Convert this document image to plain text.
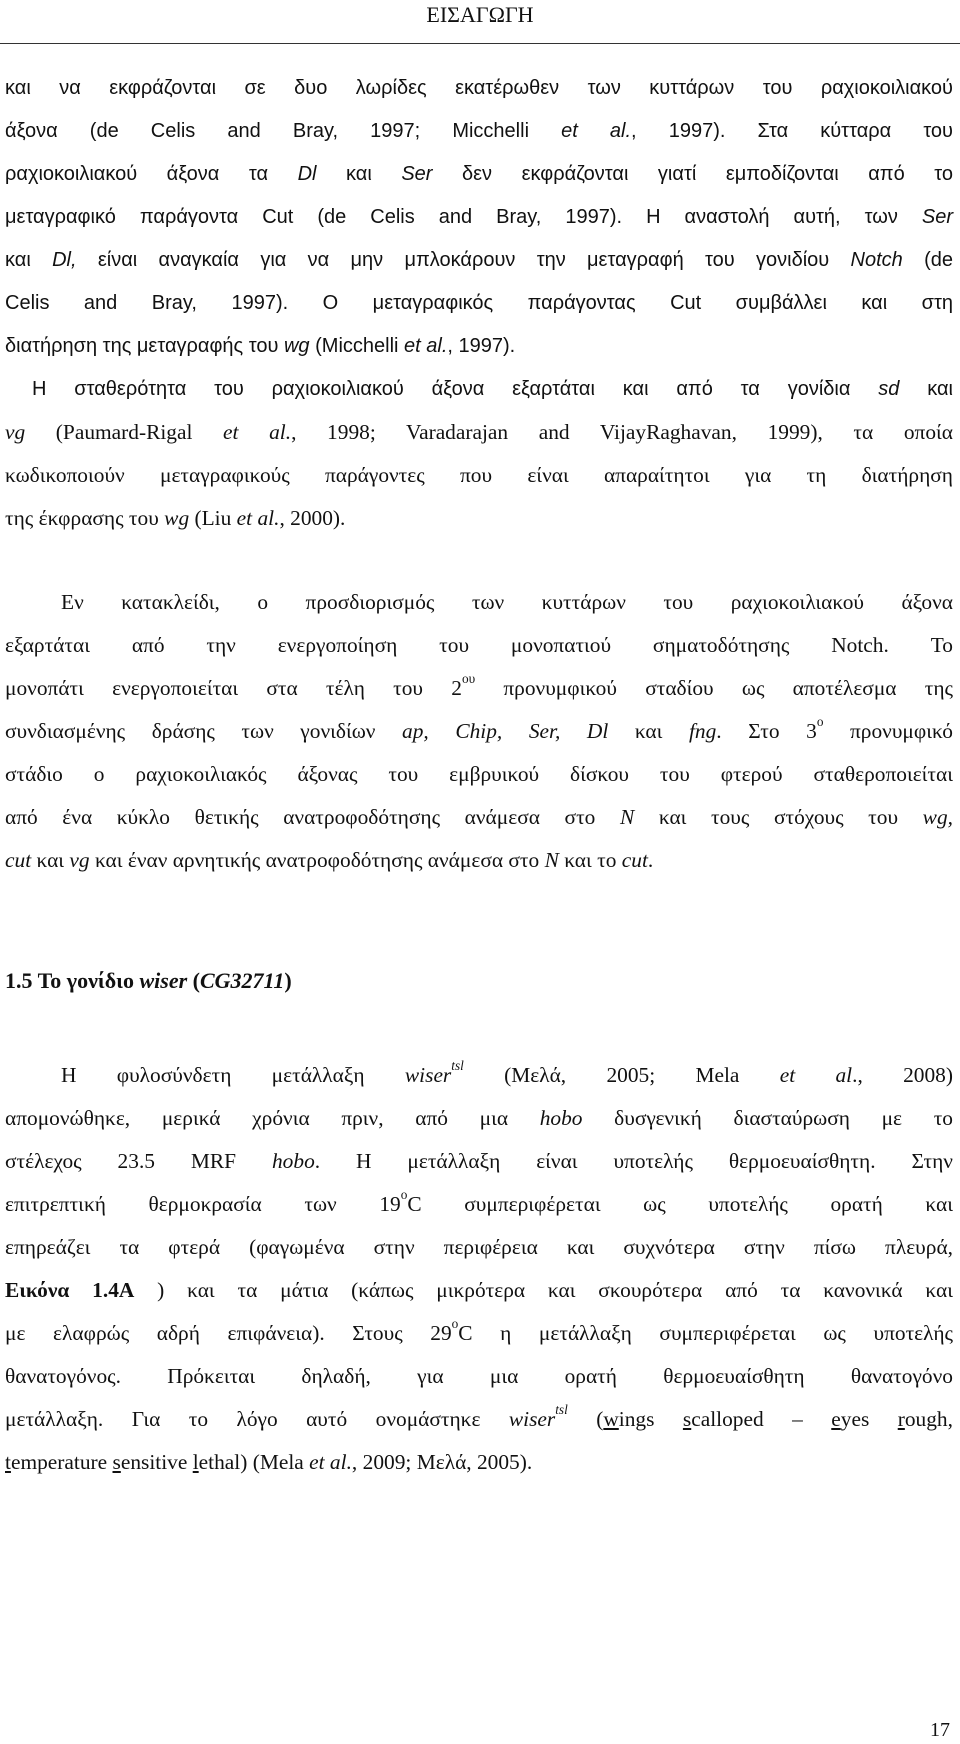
ΕΙΣΑΓΩΓΗ
και να εκφράζονται σε δυο λωρίδες εκατέρωθεν των κυττάρων του ραχιοκοιλιακού
άξονα (de Celis and Bray, 1997; Micchelli et al., 1997). Στα κύτταρα του
ραχιοκοιλιακού άξονα τα Dl και Ser δεν εκφράζονται γιατί εμποδίζονται από το
μεταγραφικό παράγοντα Cut (de Celis and Bray, 1997). Η αναστολή αυτή, των Ser
και Dl, είναι αναγκαία για να μην μπλοκάρουν την μεταγραφή του γονιδίου Notch (de
Celis and Bray, 1997). Ο μεταγραφικός παράγοντας Cut συμβάλλει και στη
διατήρηση της μεταγραφής του wg (Micchelli et al., 1997).
Η σταθερότητα του ραχιοκοιλιακού άξονα εξαρτάται και από τα γονίδια sd και
vg (Paumard-Rigal et al., 1998; Varadarajan and VijayRaghavan, 1999), τα οποία
κωδικοποιούν μεταγραφικούς παράγοντες που είναι απαραίτητοι για τη διατήρηση
της έκφρασης του wg (Liu et al., 2000).
Εν κατακλείδι, ο προσδιορισμός των κυττάρων του ραχιοκοιλιακού άξονα
εξαρτάται από την ενεργοποίηση του μονοπατιού σηματοδότησης Notch. Το
μονοπάτι ενεργοποιείται στα τέλη του $2^{o\upsilon}$ προνυμφικού σταδίου ως αποτέλεσμα της
συνδιασμένης δράσης των γονιδίων ap, Chip, Ser, Dl και fng. Στο $3^o$ προνυμφικό
στάδιο ο ραχιοκοιλιακός άξονας του εμβρυικού δίσκου του φτερού σταθεροποιείται
από ένα κύκλο θετικής ανατροφοδότησης ανάμεσα στο N και τους στόχους του wg,
cut και vg και έναν αρνητικής ανατροφοδότησης ανάμεσα στο N και το cut.
1.5 Το γονίδιο wiser (CG32711)
Η φυλοσύνδετη μετάλλαξη wiser$^{tsl}$ (Μελά, 2005; Mela et al., 2008)
απομονώθηκε, μερικά χρόνια πριν, από μια hobo δυσγενική διασταύρωση με το
στέλεχος 23.5 MRF hobo. Η μετάλλαξη είναι υποτελής θερμοευαίσθητη. Στην
επιτρεπτική θερμοκρασία των $19^oC$ συμπεριφέρεται ως υποτελής ορατή και
επηρεάζει τα φτερά (φαγωμένα στην περιφέρεια και συχνότερα στην πίσω πλευρά,
Εικόνα 1.4Α ) και τα μάτια (κάπως μικρότερα και σκουρότερα από τα κανονικά και
με ελαφρώς αδρή επιφάνεια). Στους $29^oC$ η μετάλλαξη συμπεριφέρεται ως υποτελής
θανατογόνος. Πρόκειται δηλαδή, για μια ορατή θερμοευαίσθητη θανατογόνο
μετάλλαξη. Για το λόγο αυτό ονομάστηκε wiser$^{tsl}$ (wings scalloped – eyes rough,
temperature sensitive lethal) (Mela et al., 2009; Μελά, 2005).
17
